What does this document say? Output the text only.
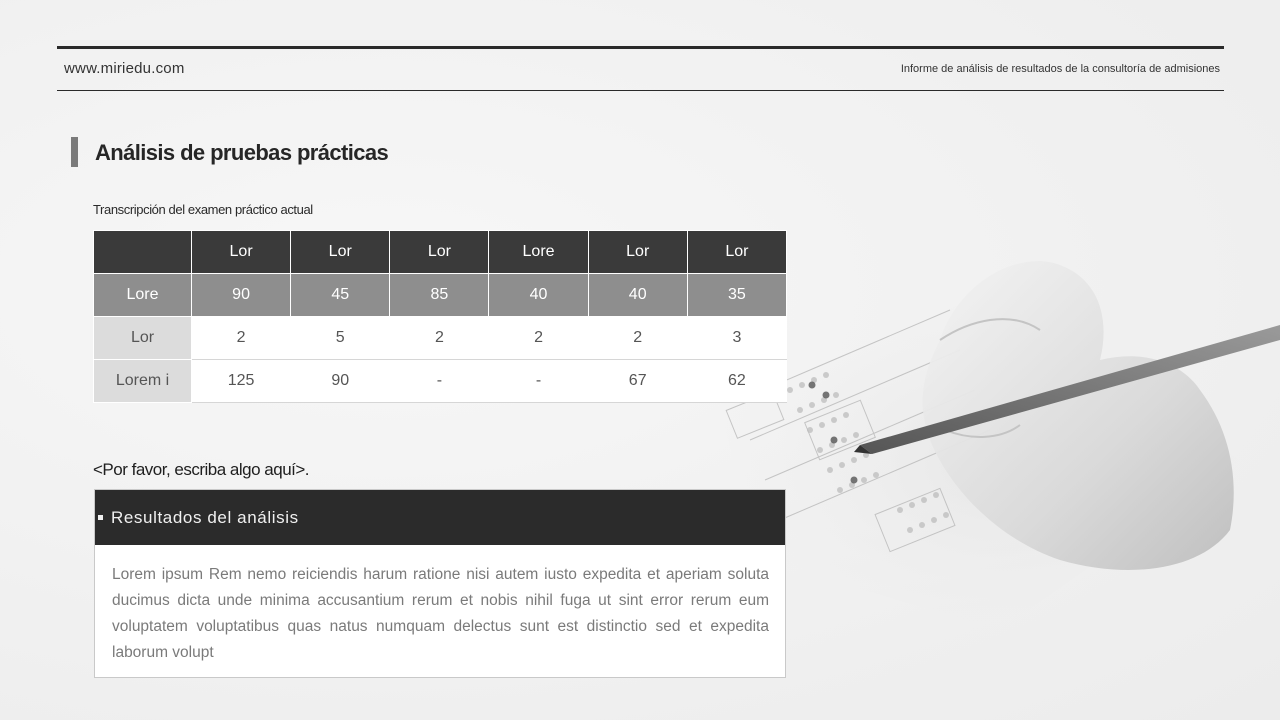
www.miriedu.com	Informe de análisis de resultados de la consultoría de admisiones
Análisis de pruebas prácticas
Transcripción del examen práctico actual
	Lor	Lor	Lor	Lore	Lor	Lor
Lore	90	45	85	40	40	35
Lor	2	5	2	2	2	3
Lorem i	125	90	-	-	67	62
<Por favor, escriba algo aquí>.
Resultados del análisis
Lorem ipsum Rem nemo reiciendis harum ratione nisi autem iusto expedita et aperiam soluta ducimus dicta unde minima accusantium rerum et nobis nihil fuga ut sint error rerum eum voluptatem voluptatibus quas natus numquam delectus sunt est distinctio sed et expedita laborum volupt
